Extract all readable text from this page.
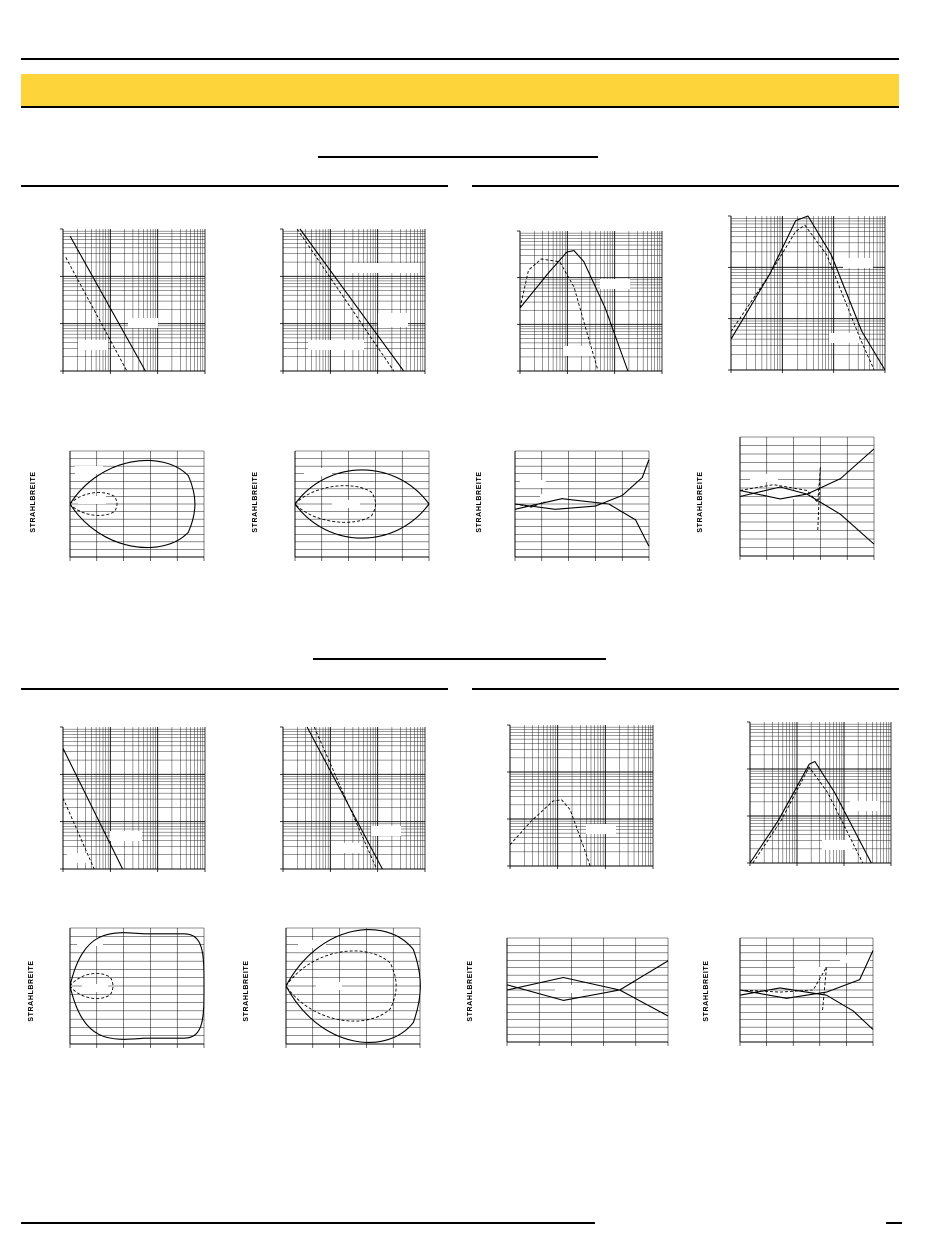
STRAHLBREITE	STRAHLBREITE	STRAHLBREITE	STRAHLBREITE
STRAHLBREITE	STRAHLBREITE	STRAHLBREITE	STRAHLBREITE
